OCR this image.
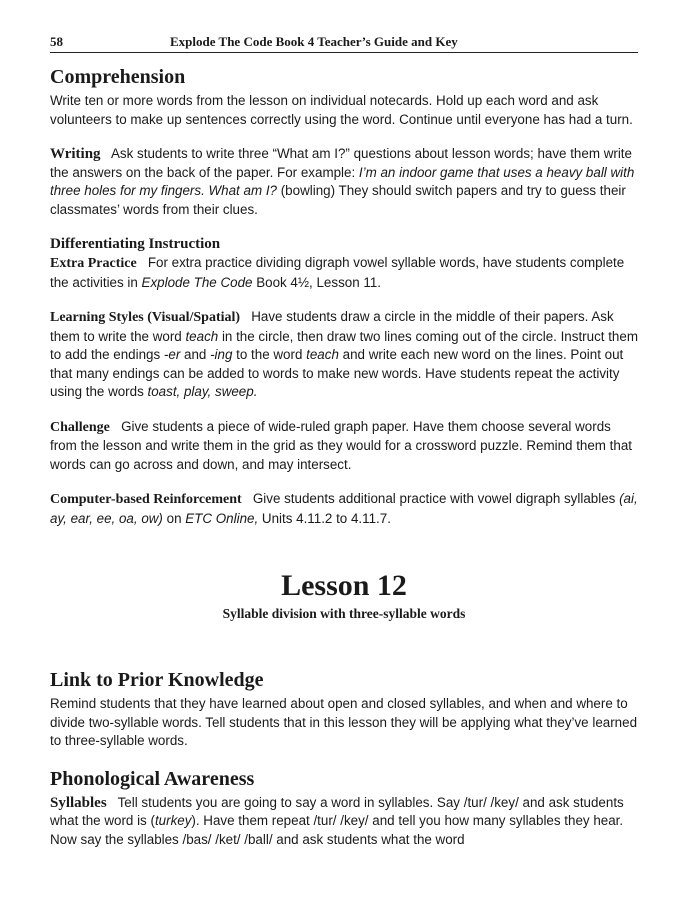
58	Explode The Code Book 4 Teacher’s Guide and Key
Comprehension

Write ten or more words from the lesson on individual notecards. Hold up each word and ask volunteers to make up sentences correctly using the word. Continue until everyone has had a turn.

Writing Ask students to write three “What am I?” questions about lesson words; have them write the answers on the back of the paper. For example: I’m an indoor game that uses a heavy ball with three holes for my fingers. What am I? (bowling) They should switch papers and try to guess their classmates’ words from their clues.

Differentiating Instruction

Extra Practice For extra practice dividing digraph vowel syllable words, have students complete the activities in Explode The Code Book 4½, Lesson 11.

Learning Styles (Visual/Spatial) Have students draw a circle in the middle of their papers. Ask them to write the word teach in the circle, then draw two lines coming out of the circle. Instruct them to add the endings -er and -ing to the word teach and write each new word on the lines. Point out that many endings can be added to words to make new words. Have students repeat the activity using the words toast, play, sweep.

Challenge Give students a piece of wide-ruled graph paper. Have them choose several words from the lesson and write them in the grid as they would for a crossword puzzle. Remind them that words can go across and down, and may intersect.

Computer-based Reinforcement Give students additional practice with vowel digraph syllables (ai, ay, ear, ee, oa, ow) on ETC Online, Units 4.11.2 to 4.11.7.

Lesson 12
Syllable division with three-syllable words
Link to Prior Knowledge

Remind students that they have learned about open and closed syllables, and when and where to divide two-syllable words. Tell students that in this lesson they will be applying what they’ve learned to three-syllable words.

Phonological Awareness

Syllables Tell students you are going to say a word in syllables. Say /tur/ /key/ and ask students what the word is (turkey). Have them repeat /tur/ /key/ and tell you how many syllables they hear. Now say the syllables /bas/ /ket/ /ball/ and ask students what the word
